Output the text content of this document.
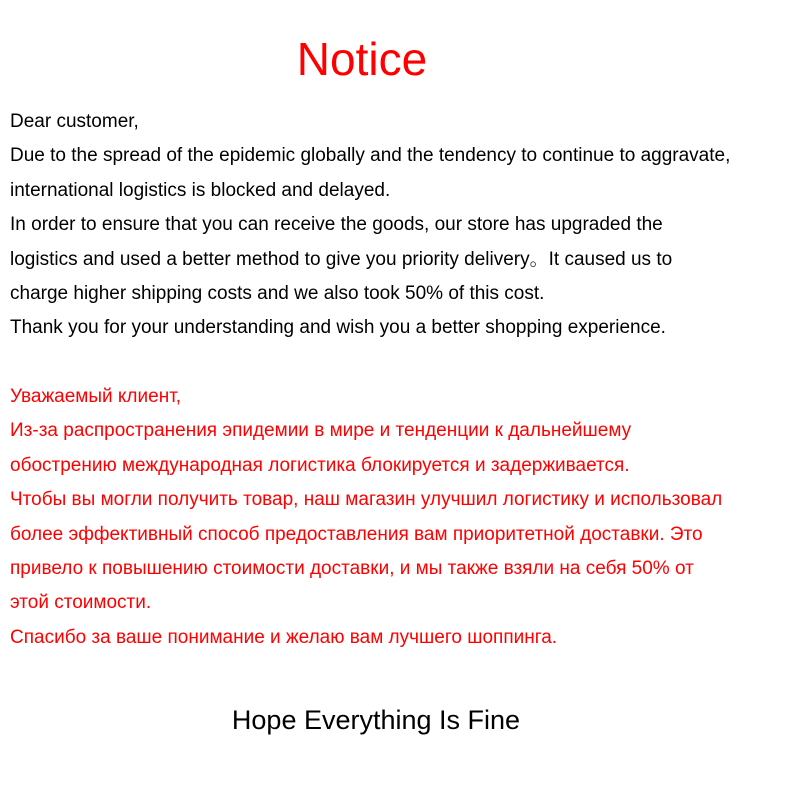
Notice
Dear customer,
Due to the spread of the epidemic globally and the tendency to continue to aggravate,
international logistics is blocked and delayed.
In order to ensure that you can receive the goods, our store has upgraded the
logistics and used a better method to give you priority delivery。It caused us to
charge higher shipping costs and we also took 50% of this cost.
Thank you for your understanding and wish you a better shopping experience.
Уважаемый клиент,
Из-за распространения эпидемии в мире и тенденции к дальнейшему
обострению международная логистика блокируется и задерживается.
Чтобы вы могли получить товар, наш магазин улучшил логистику и использовал
более эффективный способ предоставления вам приоритетной доставки. Это
привело к повышению стоимости доставки, и мы также взяли на себя 50% от
этой стоимости.
Спасибо за ваше понимание и желаю вам лучшего шоппинга.
Hope Everything Is Fine
